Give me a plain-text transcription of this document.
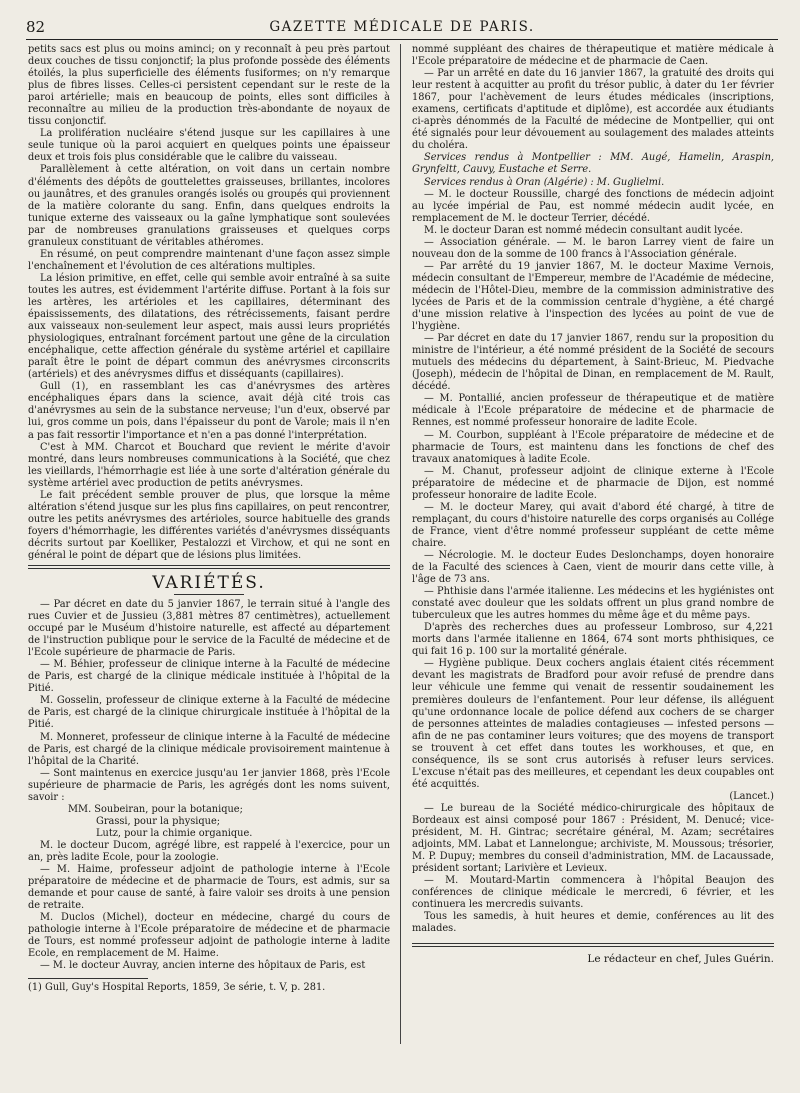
82	GAZETTE MÉDICALE DE PARIS.

petits sacs est plus ou moins aminci; on y reconnaît à peu près partout deux couches de tissu conjonctif; la plus profonde possède des éléments étoilés, la plus superficielle des éléments fusiformes; on n'y remarque plus de fibres lisses. Celles-ci persistent cependant sur le reste de la paroi artérielle; mais en beaucoup de points, elles sont difficiles à reconnaître au milieu de la production très-abondante de noyaux de tissu conjonctif.

La prolifération nucléaire s'étend jusque sur les capillaires à une seule tunique où la paroi acquiert en quelques points une épaisseur deux et trois fois plus considérable que le calibre du vaisseau.

Parallèlement à cette altération, on voit dans un certain nombre d'éléments des dépôts de gouttelettes graisseuses, brillantes, incolores ou jaunâtres, et des granules orangés isolés ou groupés qui proviennent de la matière colorante du sang. Enfin, dans quelques endroits la tunique externe des vaisseaux ou la gaîne lymphatique sont soulevées par de nombreuses granulations graisseuses et quelques corps granuleux constituant de véritables athéromes.

En résumé, on peut comprendre maintenant d'une façon assez simple l'enchaînement et l'évolution de ces altérations multiples.

La lésion primitive, en effet, celle qui semble avoir entraîné à sa suite toutes les autres, est évidemment l'artérite diffuse. Portant à la fois sur les artères, les artérioles et les capillaires, déterminant des épaississements, des dilatations, des rétrécissements, faisant perdre aux vaisseaux non-seulement leur aspect, mais aussi leurs propriétés physiologiques, entraînant forcément partout une gêne de la circulation encéphalique, cette affection générale du système artériel et capillaire paraît être le point de départ commun des anévrysmes circonscrits (artériels) et des anévrysmes diffus et disséquants (capillaires).

Gull (1), en rassemblant les cas d'anévrysmes des artères encéphaliques épars dans la science, avait déjà cité trois cas d'anévrysmes au sein de la substance nerveuse; l'un d'eux, observé par lui, gros comme un pois, dans l'épaisseur du pont de Varole; mais il n'en a pas fait ressortir l'importance et n'en a pas donné l'interprétation.

C'est à MM. Charcot et Bouchard que revient le mérite d'avoir montré, dans leurs nombreuses communications à la Société, que chez les vieillards, l'hémorrhagie est liée à une sorte d'altération générale du système artériel avec production de petits anévrysmes.

Le fait précédent semble prouver de plus, que lorsque la même altération s'étend jusque sur les plus fins capillaires, on peut rencontrer, outre les petits anévrysmes des artérioles, source habituelle des grands foyers d'hémorrhagie, les différentes variétés d'anévrysmes disséquants décrits surtout par Koelliker, Pestalozzi et Virchow, et qui ne sont en général le point de départ que de lésions plus limitées.

VARIÉTÉS.

— Par décret en date du 5 janvier 1867, le terrain situé à l'angle des rues Cuvier et de Jussieu (3,881 mètres 87 centimètres), actuellement occupé par le Muséum d'histoire naturelle, est affecté au département de l'instruction publique pour le service de la Faculté de médecine et de l'Ecole supérieure de pharmacie de Paris.

— M. Béhier, professeur de clinique interne à la Faculté de médecine de Paris, est chargé de la clinique médicale instituée à l'hôpital de la Pitié.

M. Gosselin, professeur de clinique externe à la Faculté de médecine de Paris, est chargé de la clinique chirurgicale instituée à l'hôpital de la Pitié.

M. Monneret, professeur de clinique interne à la Faculté de médecine de Paris, est chargé de la clinique médicale provisoirement maintenue à l'hôpital de la Charité.

— Sont maintenus en exercice jusqu'au 1er janvier 1868, près l'Ecole supérieure de pharmacie de Paris, les agrégés dont les noms suivent, savoir :

MM. Soubeiran, pour la botanique;

Grassi, pour la physique;

Lutz, pour la chimie organique.

M. le docteur Ducom, agrégé libre, est rappelé à l'exercice, pour un an, près ladite Ecole, pour la zoologie.

— M. Haime, professeur adjoint de pathologie interne à l'Ecole préparatoire de médecine et de pharmacie de Tours, est admis, sur sa demande et pour cause de santé, à faire valoir ses droits à une pension de retraite.

M. Duclos (Michel), docteur en médecine, chargé du cours de pathologie interne à l'Ecole préparatoire de médecine et de pharmacie de Tours, est nommé professeur adjoint de pathologie interne à ladite Ecole, en remplacement de M. Haime.

— M. le docteur Auvray, ancien interne des hôpitaux de Paris, est

(1) Gull, Guy's Hospital Reports, 1859, 3e série, t. V, p. 281.

nommé suppléant des chaires de thérapeutique et matière médicale à l'Ecole préparatoire de médecine et de pharmacie de Caen.

— Par un arrêté en date du 16 janvier 1867, la gratuité des droits qui leur restent à acquitter au profit du trésor public, à dater du 1er février 1867, pour l'achèvement de leurs études médicales (inscriptions, examens, certificats d'aptitude et diplôme), est accordée aux étudiants ci-après dénommés de la Faculté de médecine de Montpellier, qui ont été signalés pour leur dévouement au soulagement des malades atteints du choléra.

Services rendus à Montpellier : MM. Augé, Hamelin, Araspin, Grynfeltt, Cauvy, Eustache et Serre.

Services rendus à Oran (Algérie) : M. Guglielmi.

— M. le docteur Roussille, chargé des fonctions de médecin adjoint au lycée impérial de Pau, est nommé médecin audit lycée, en remplacement de M. le docteur Terrier, décédé.

M. le docteur Daran est nommé médecin consultant audit lycée.

— Association générale. — M. le baron Larrey vient de faire un nouveau don de la somme de 100 francs à l'Association générale.

— Par arrêté du 19 janvier 1867, M. le docteur Maxime Vernois, médecin consultant de l'Empereur, membre de l'Académie de médecine, médecin de l'Hôtel-Dieu, membre de la commission administrative des lycées de Paris et de la commission centrale d'hygiène, a été chargé d'une mission relative à l'inspection des lycées au point de vue de l'hygiène.

— Par décret en date du 17 janvier 1867, rendu sur la proposition du ministre de l'intérieur, a été nommé président de la Société de secours mutuels des médecins du département, à Saint-Brieuc, M. Piedvache (Joseph), médecin de l'hôpital de Dinan, en remplacement de M. Rault, décédé.

— M. Pontallié, ancien professeur de thérapeutique et de matière médicale à l'Ecole préparatoire de médecine et de pharmacie de Rennes, est nommé professeur honoraire de ladite Ecole.

— M. Courbon, suppléant à l'Ecole préparatoire de médecine et de pharmacie de Tours, est maintenu dans les fonctions de chef des travaux anatomiques à ladite Ecole.

— M. Chanut, professeur adjoint de clinique externe à l'Ecole préparatoire de médecine et de pharmacie de Dijon, est nommé professeur honoraire de ladite Ecole.

— M. le docteur Marey, qui avait d'abord été chargé, à titre de remplaçant, du cours d'histoire naturelle des corps organisés au Collége de France, vient d'être nommé professeur suppléant de cette même chaire.

— Nécrologie. M. le docteur Eudes Deslonchamps, doyen honoraire de la Faculté des sciences à Caen, vient de mourir dans cette ville, à l'âge de 73 ans.

— Phthisie dans l'armée italienne. Les médecins et les hygiénistes ont constaté avec douleur que les soldats offrent un plus grand nombre de tuberculeux que les autres hommes du même âge et du même pays.

D'après des recherches dues au professeur Lombroso, sur 4,221 morts dans l'armée italienne en 1864, 674 sont morts phthisiques, ce qui fait 16 p. 100 sur la mortalité générale.

— Hygiène publique. Deux cochers anglais étaient cités récemment devant les magistrats de Bradford pour avoir refusé de prendre dans leur véhicule une femme qui venait de ressentir soudainement les premières douleurs de l'enfantement. Pour leur défense, ils alléguent qu'une ordonnance locale de police défend aux cochers de se charger de personnes atteintes de maladies contagieuses — infested persons — afin de ne pas contaminer leurs voitures; que des moyens de transport se trouvent à cet effet dans toutes les workhouses, et que, en conséquence, ils se sont crus autorisés à refuser leurs services. L'excuse n'était pas des meilleures, et cependant les deux coupables ont été acquittés.

(Lancet.)

— Le bureau de la Société médico-chirurgicale des hôpitaux de Bordeaux est ainsi composé pour 1867 : Président, M. Denucé; vice-président, M. H. Gintrac; secrétaire général, M. Azam; secrétaires adjoints, MM. Labat et Lannelongue; archiviste, M. Moussous; trésorier, M. P. Dupuy; membres du conseil d'administration, MM. de Lacaussade, président sortant; Larivière et Levieux.

— M. Moutard-Martin commencera à l'hôpital Beaujon des conférences de clinique médicale le mercredi, 6 février, et les continuera les mercredis suivants.

Tous les samedis, à huit heures et demie, conférences au lit des malades.

Le rédacteur en chef, Jules Guérin.
